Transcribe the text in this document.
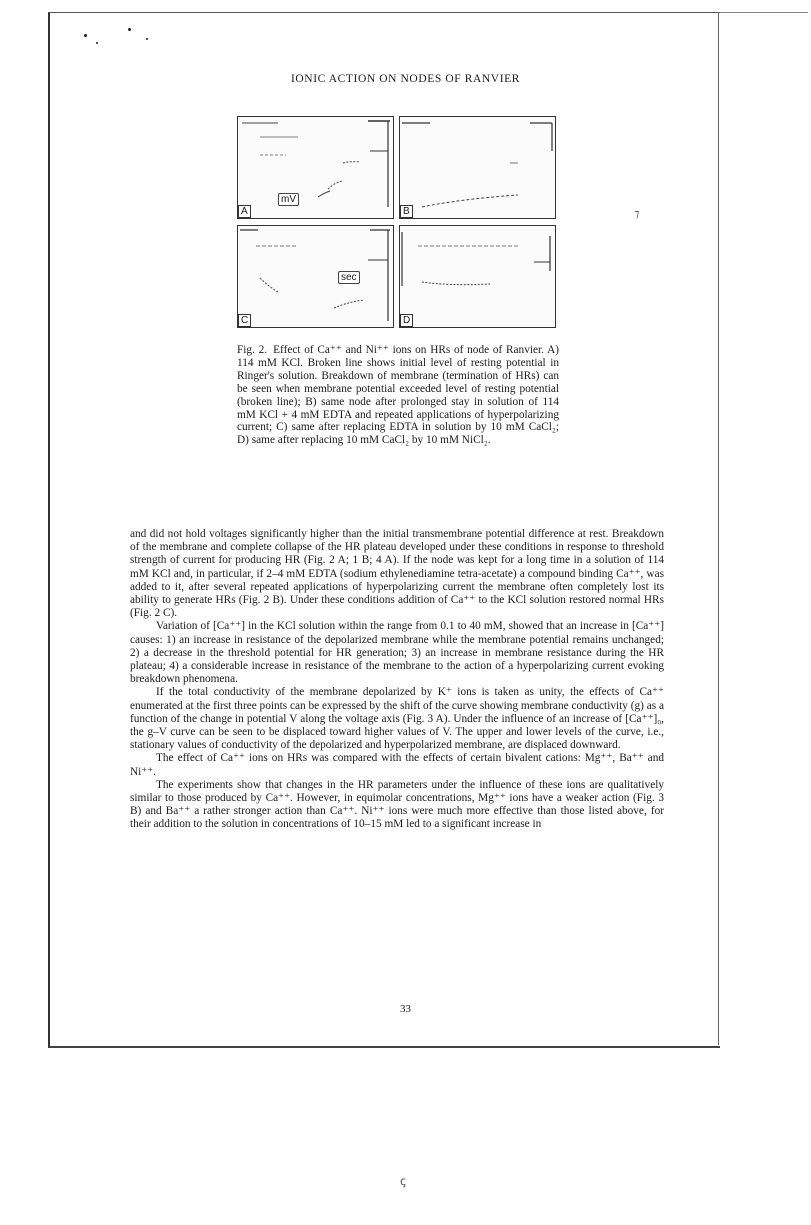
⁊
IONIC ACTION ON NODES OF RANVIER
mV
A	B
sec
C	D
Fig. 2. Effect of Ca⁺⁺ and Ni⁺⁺ ions on HRs of node of Ranvier. A) 114 mM KCl. Broken line shows initial level of resting potential in Ringer's solution. Breakdown of membrane (termination of HRs) can be seen when membrane potential exceeded level of resting potential (broken line); B) same node after prolonged stay in solution of 114 mM KCl + 4 mM EDTA and repeated applications of hyperpolarizing current; C) same after replacing EDTA in solution by 10 mM CaCl₂; D) same after replacing 10 mM CaCl₂ by 10 mM NiCl₂.

and did not hold voltages significantly higher than the initial transmembrane potential difference at rest. Breakdown of the membrane and complete collapse of the HR plateau developed under these conditions in response to threshold strength of current for producing HR (Fig. 2 A; 1 B; 4 A). If the node was kept for a long time in a solution of 114 mM KCl and, in particular, if 2–4 mM EDTA (sodium ethylenediamine tetra-acetate) a compound binding Ca⁺⁺, was added to it, after several repeated applications of hyperpolarizing current the membrane often completely lost its ability to generate HRs (Fig. 2 B). Under these conditions addition of Ca⁺⁺ to the KCl solution restored normal HRs (Fig. 2 C).

Variation of [Ca⁺⁺] in the KCl solution within the range from 0.1 to 40 mM, showed that an increase in [Ca⁺⁺] causes: 1) an increase in resistance of the depolarized membrane while the membrane potential remains unchanged; 2) a decrease in the threshold potential for HR generation; 3) an increase in membrane resistance during the HR plateau; 4) a considerable increase in resistance of the membrane to the action of a hyperpolarizing current evoking breakdown phenomena.

If the total conductivity of the membrane depolarized by K⁺ ions is taken as unity, the effects of Ca⁺⁺ enumerated at the first three points can be expressed by the shift of the curve showing membrane conductivity (g) as a function of the change in potential V along the voltage axis (Fig. 3 A). Under the influence of an increase of [Ca⁺⁺]₀, the g–V curve can be seen to be displaced toward higher values of V. The upper and lower levels of the curve, i.e., stationary values of conductivity of the depolarized and hyperpolarized membrane, are displaced downward.

The effect of Ca⁺⁺ ions on HRs was compared with the effects of certain bivalent cations: Mg⁺⁺, Ba⁺⁺ and Ni⁺⁺.

The experiments show that changes in the HR parameters under the influence of these ions are qualitatively similar to those produced by Ca⁺⁺. However, in equimolar concentrations, Mg⁺⁺ ions have a weaker action (Fig. 3 B) and Ba⁺⁺ a rather stronger action than Ca⁺⁺. Ni⁺⁺ ions were much more effective than those listed above, for their addition to the solution in concentrations of 10–15 mM led to a significant increase in

33
ꞔ
